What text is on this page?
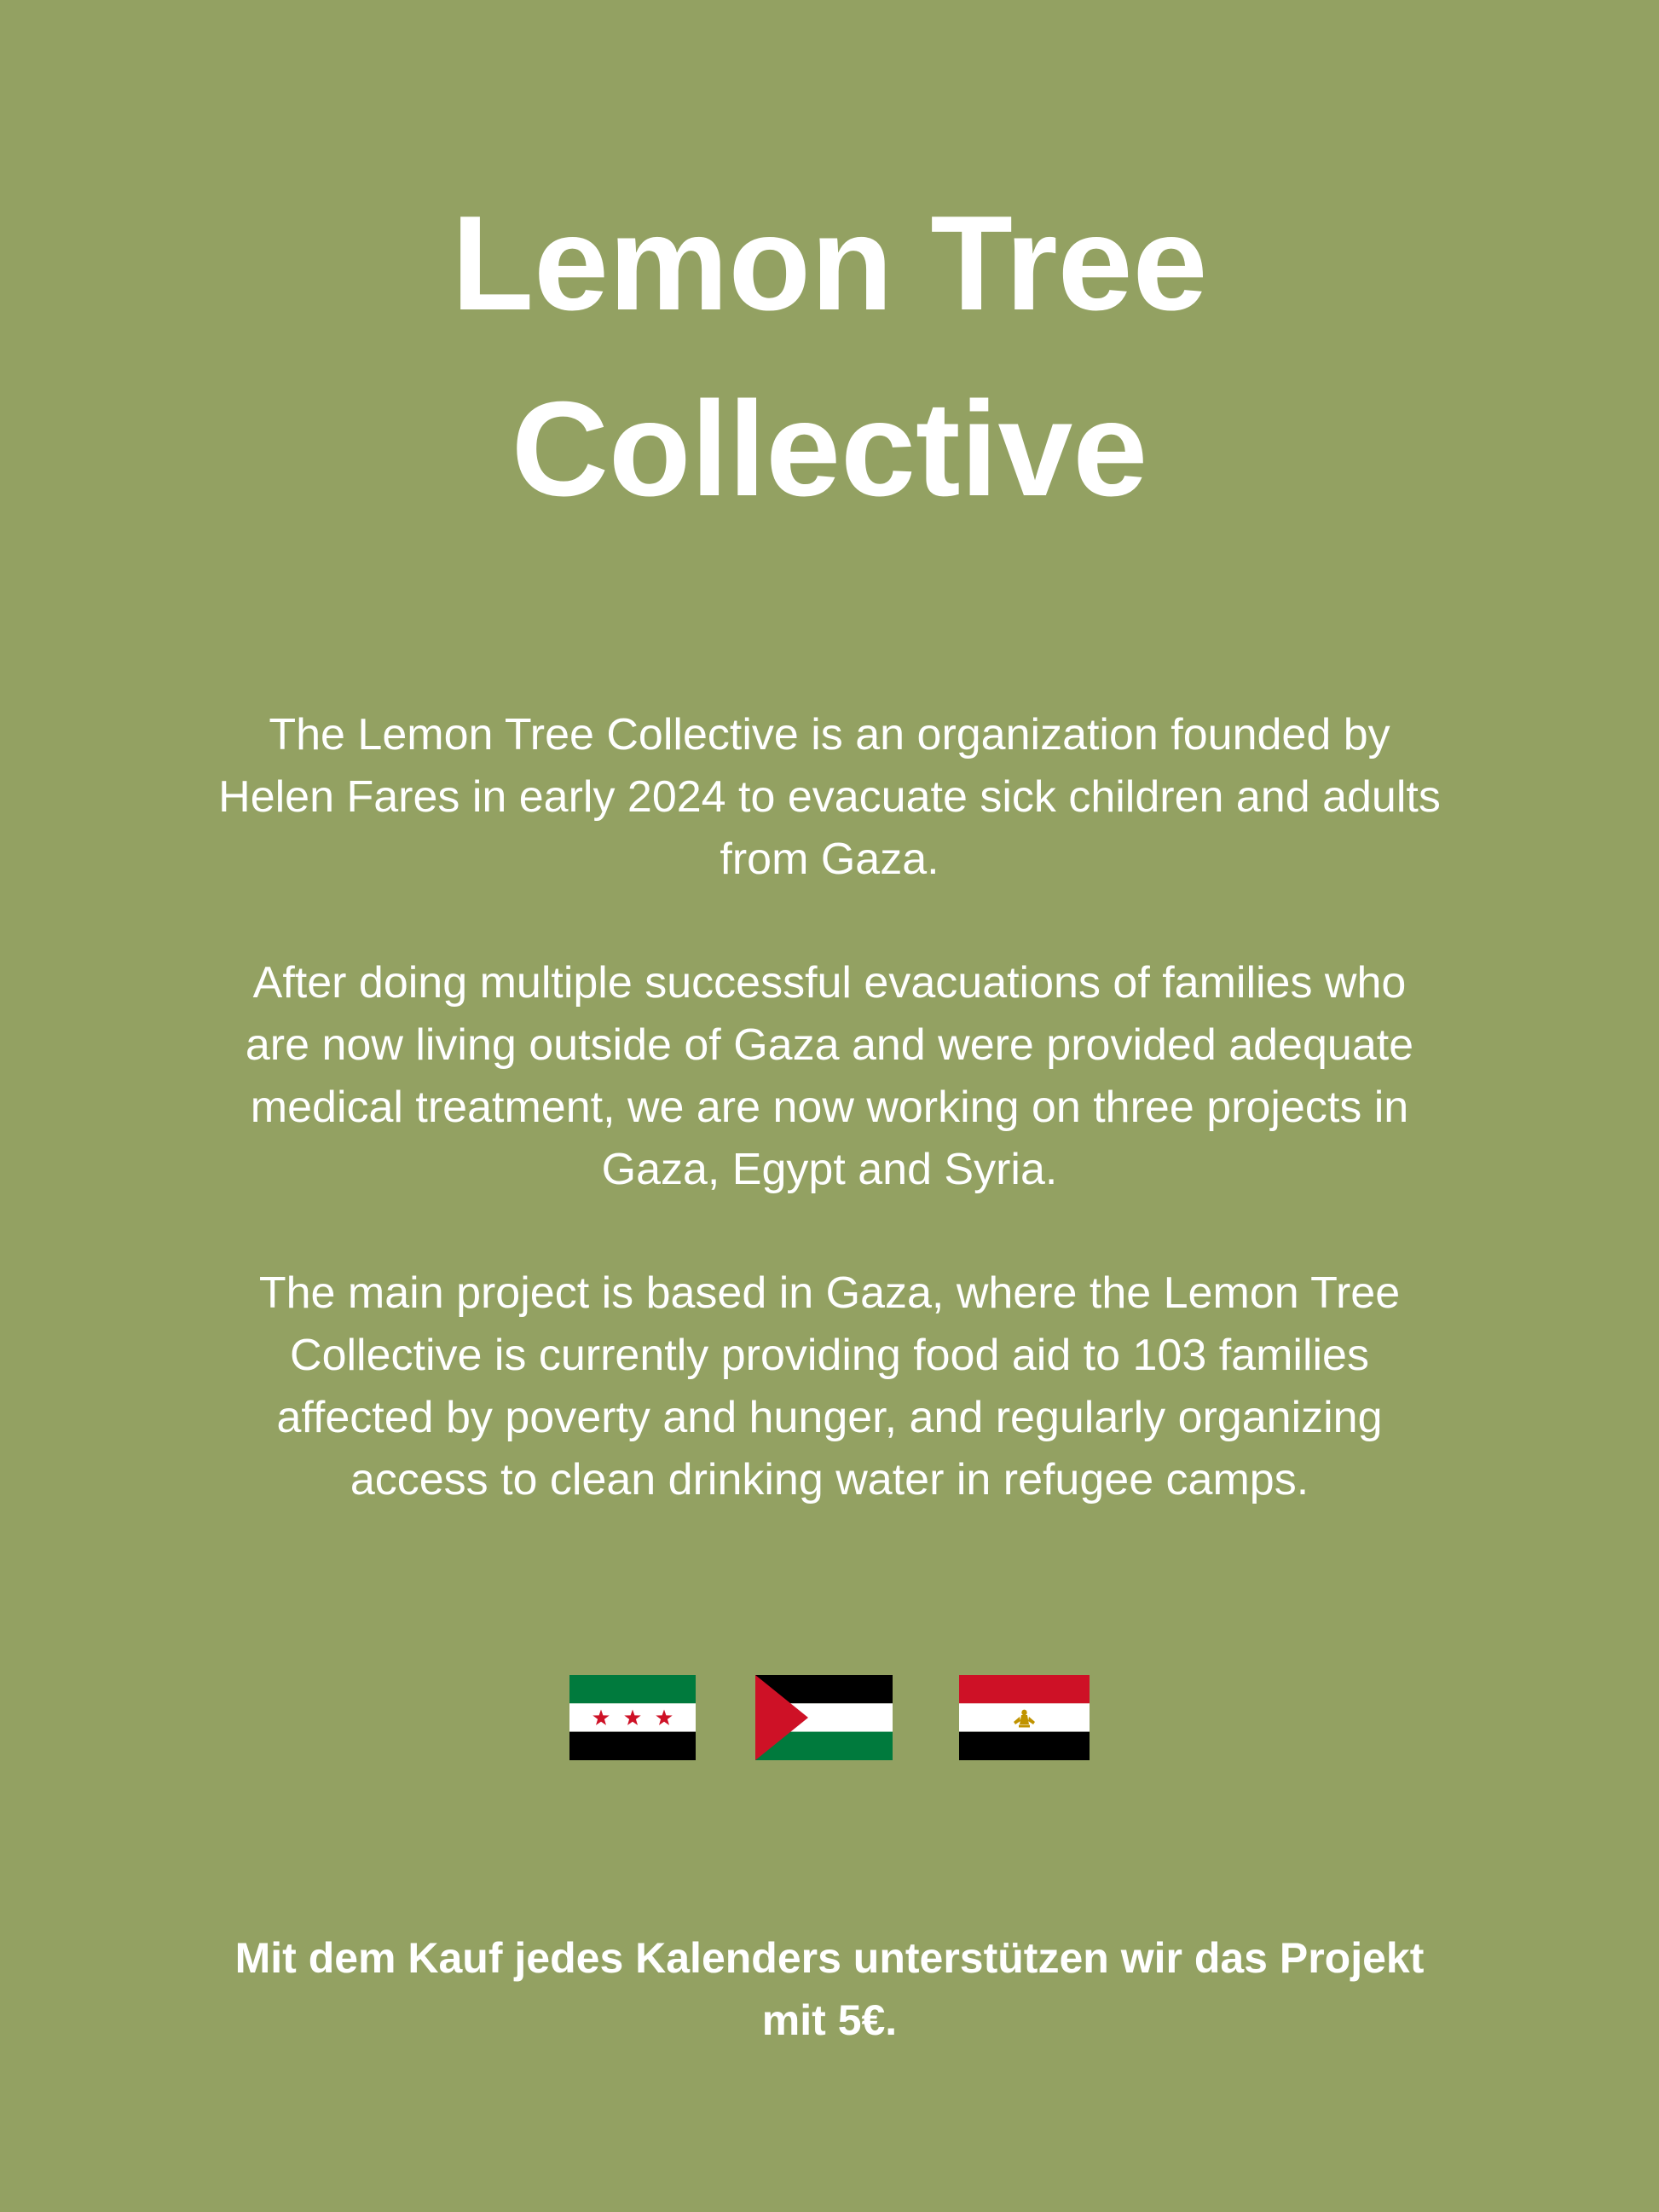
Lemon Tree
Collective
The Lemon Tree Collective is an organization founded by
Helen Fares in early 2024 to evacuate sick children and adults
from Gaza.
After doing multiple successful evacuations of families who
are now living outside of Gaza and were provided adequate
medical treatment, we are now working on three projects in
Gaza, Egypt and Syria.
The main project is based in Gaza, where the Lemon Tree
Collective is currently providing food aid to 103 families
affected by poverty and hunger, and regularly organizing
access to clean drinking water in refugee camps.
Mit dem Kauf jedes Kalenders unterstützen wir das Projekt
mit 5€.
